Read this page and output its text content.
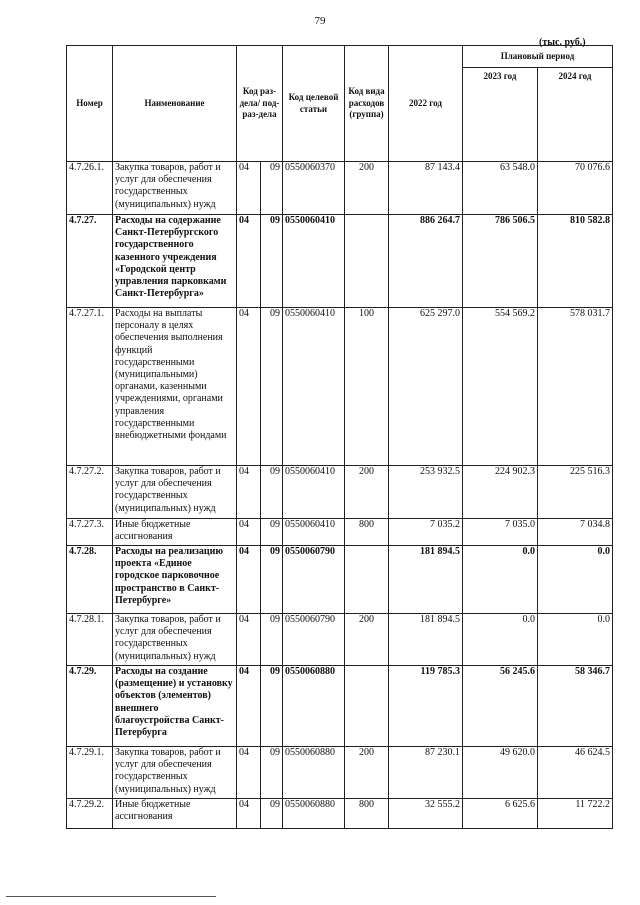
79
(тыс. руб.)
Номер	Наименование	Код раз-дела/ под-раз-дела		Код целевой статьи	Код вида расходов (группа)	2022 год	Плановый период	
							2023 год	2024 год
4.7.26.1.	Закупка товаров, работ и услуг для обеспечения государственных (муниципальных) нужд	04	09	0550060370	200	87 143.4	63 548.0	70 076.6
4.7.27.	Расходы на содержание Санкт-Петербургского государственного казенного учреждения «Городской центр управления парковками Санкт-Петербурга»	04	09	0550060410		886 264.7	786 506.5	810 582.8
4.7.27.1.	Расходы на выплаты персоналу в целях обеспечения выполнения функций государственными (муниципальными) органами, казенными учреждениями, органами управления государственными внебюджетными фондами	04	09	0550060410	100	625 297.0	554 569.2	578 031.7
4.7.27.2.	Закупка товаров, работ и услуг для обеспечения государственных (муниципальных) нужд	04	09	0550060410	200	253 932.5	224 902.3	225 516.3
4.7.27.3.	Иные бюджетные ассигнования	04	09	0550060410	800	7 035.2	7 035.0	7 034.8
4.7.28.	Расходы на реализацию проекта «Единое городское парковочное пространство в Санкт-Петербурге»	04	09	0550060790		181 894.5	0.0	0.0
4.7.28.1.	Закупка товаров, работ и услуг для обеспечения государственных (муниципальных) нужд	04	09	0550060790	200	181 894.5	0.0	0.0
4.7.29.	Расходы на создание (размещение) и установку объектов (элементов) внешнего благоустройства Санкт-Петербурга	04	09	0550060880		119 785.3	56 245.6	58 346.7
4.7.29.1.	Закупка товаров, работ и услуг для обеспечения государственных (муниципальных) нужд	04	09	0550060880	200	87 230.1	49 620.0	46 624.5
4.7.29.2.	Иные бюджетные ассигнования	04	09	0550060880	800	32 555.2	6 625.6	11 722.2
